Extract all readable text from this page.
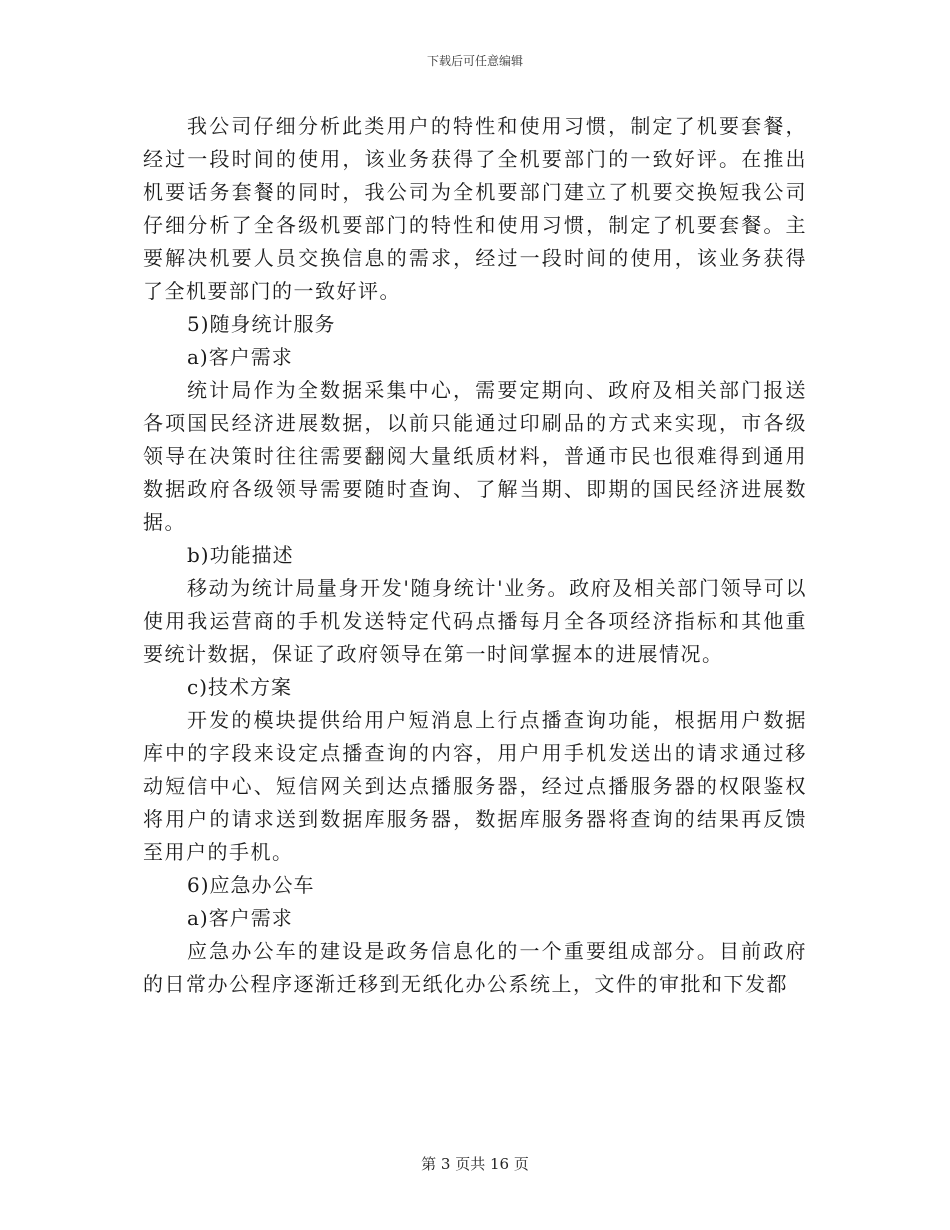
下载后可任意编辑

我公司仔细分析此类用户的特性和使用习惯，制定了机要套餐，经过一段时间的使用，该业务获得了全机要部门的一致好评。在推出机要话务套餐的同时，我公司为全机要部门建立了机要交换短我公司仔细分析了全各级机要部门的特性和使用习惯，制定了机要套餐。主要解决机要人员交换信息的需求，经过一段时间的使用，该业务获得了全机要部门的一致好评。

5)随身统计服务

a)客户需求

统计局作为全数据采集中心，需要定期向、政府及相关部门报送各项国民经济进展数据，以前只能通过印刷品的方式来实现，市各级领导在决策时往往需要翻阅大量纸质材料，普通市民也很难得到通用数据政府各级领导需要随时查询、了解当期、即期的国民经济进展数据。

b)功能描述

移动为统计局量身开发'随身统计'业务。政府及相关部门领导可以使用我运营商的手机发送特定代码点播每月全各项经济指标和其他重要统计数据，保证了政府领导在第一时间掌握本的进展情况。

c)技术方案

开发的模块提供给用户短消息上行点播查询功能，根据用户数据库中的字段来设定点播查询的内容，用户用手机发送出的请求通过移动短信中心、短信网关到达点播服务器，经过点播服务器的权限鉴权将用户的请求送到数据库服务器，数据库服务器将查询的结果再反馈至用户的手机。

6)应急办公车

a)客户需求

应急办公车的建设是政务信息化的一个重要组成部分。目前政府的日常办公程序逐渐迁移到无纸化办公系统上，文件的审批和下发都

第 3 页共 16 页
